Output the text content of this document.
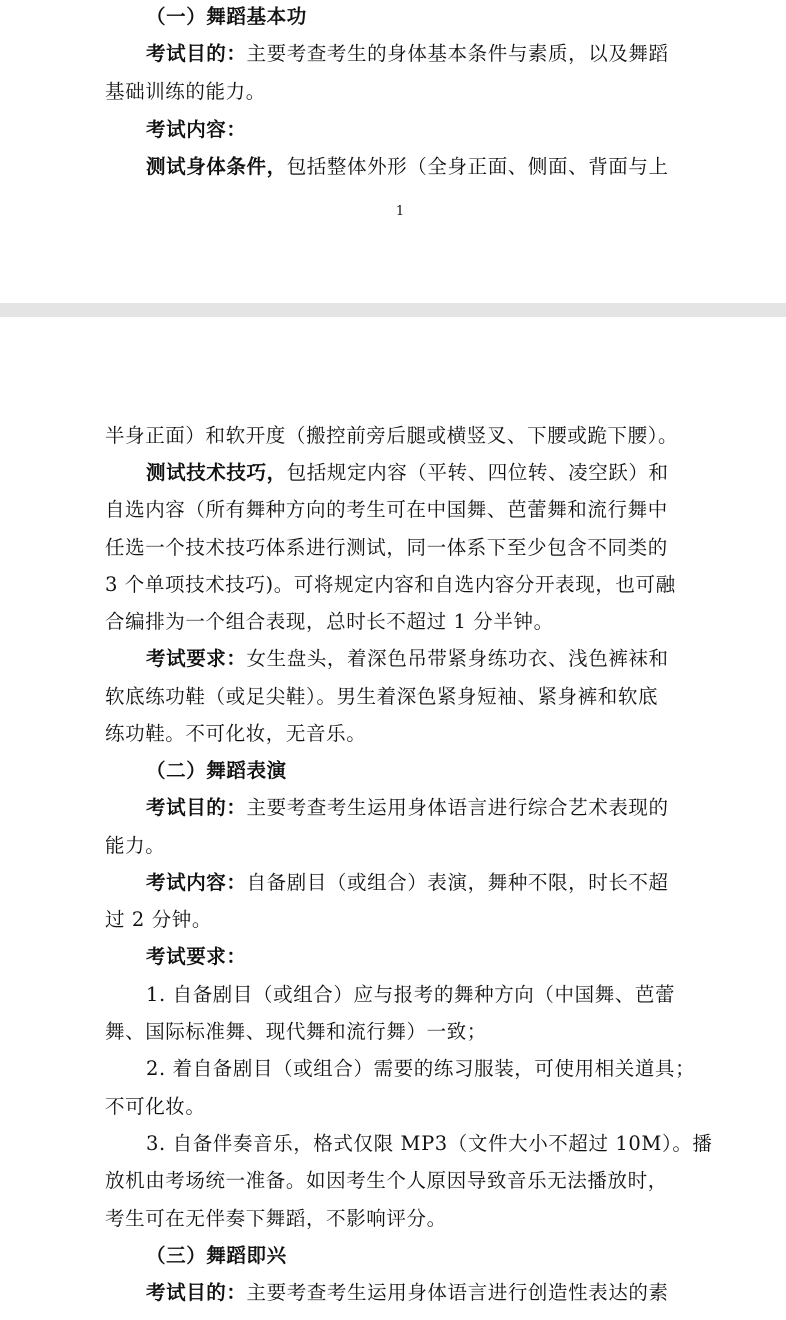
（一）舞蹈基本功
考试目的：主要考查考生的身体基本条件与素质，以及舞蹈
基础训练的能力。
考试内容：
测试身体条件，包括整体外形（全身正面、侧面、背面与上
1
半身正面）和软开度（搬控前旁后腿或横竖叉、下腰或跪下腰）。
测试技术技巧，包括规定内容（平转、四位转、凌空跃）和
自选内容（所有舞种方向的考生可在中国舞、芭蕾舞和流行舞中
任选一个技术技巧体系进行测试，同一体系下至少包含不同类的
3 个单项技术技巧)。可将规定内容和自选内容分开表现，也可融
合编排为一个组合表现，总时长不超过 1 分半钟。
考试要求：女生盘头，着深色吊带紧身练功衣、浅色裤袜和
软底练功鞋（或足尖鞋）。男生着深色紧身短袖、紧身裤和软底
练功鞋。不可化妆，无音乐。
（二）舞蹈表演
考试目的：主要考查考生运用身体语言进行综合艺术表现的
能力。
考试内容：自备剧目（或组合）表演，舞种不限，时长不超
过 2 分钟。
考试要求：
1. 自备剧目（或组合）应与报考的舞种方向（中国舞、芭蕾
舞、国际标准舞、现代舞和流行舞）一致；
2. 着自备剧目（或组合）需要的练习服装，可使用相关道具；
不可化妆。
3. 自备伴奏音乐，格式仅限 MP3（文件大小不超过 10M）。播
放机由考场统一准备。如因考生个人原因导致音乐无法播放时，
考生可在无伴奏下舞蹈，不影响评分。
（三）舞蹈即兴
考试目的：主要考查考生运用身体语言进行创造性表达的素
